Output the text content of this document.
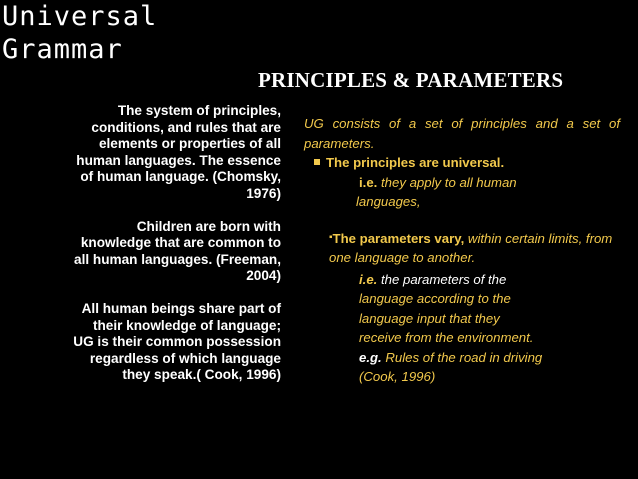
Universal
Grammar
PRINCIPLES & PARAMETERS
The system of principles,
conditions, and rules that are
elements or properties of all
human languages. The essence
of human language. (Chomsky,
1976)
Children are born with
knowledge that are common to
all human languages. (Freeman,
2004)
All human beings share part of
their knowledge of language;
UG is their common possession
regardless of which language
they speak.( Cook, 1996)

UG consists of a set of principles and a set of parameters.

The principles are universal.
i.e. they apply to all human
languages,
▪The parameters vary, within certain limits, from one language to another.
i.e. the parameters of the
language according to the
language input that they
receive from the environment.
e.g. Rules of the road in driving
(Cook, 1996)
